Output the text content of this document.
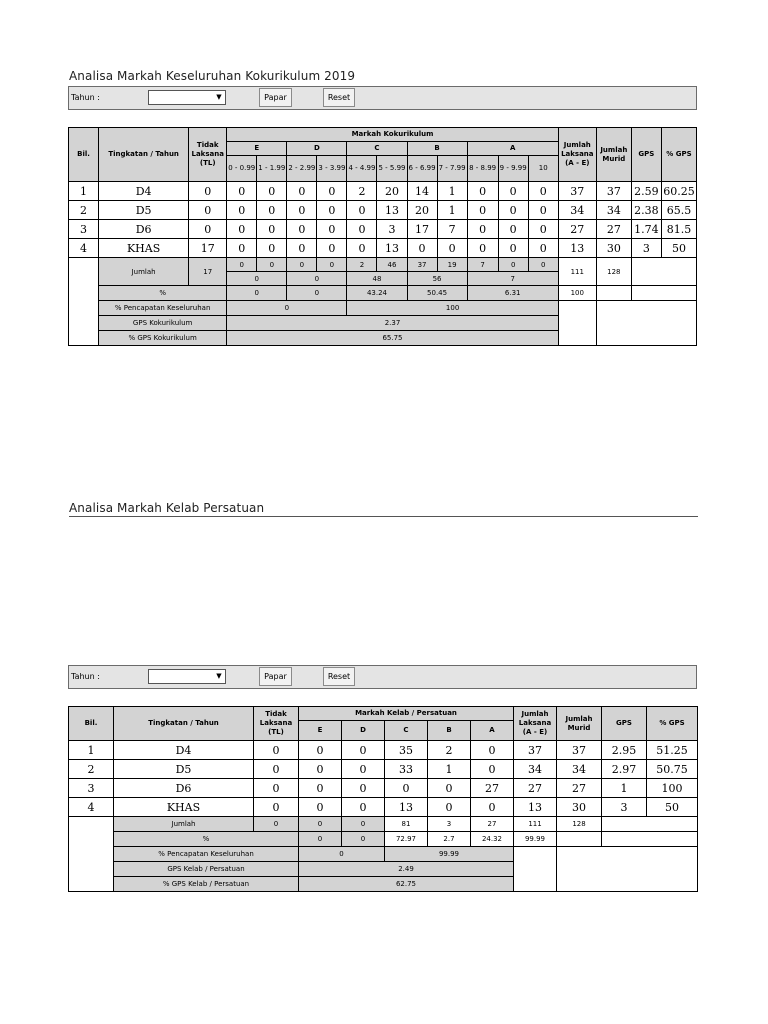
Analisa Markah Keseluruhan Kokurikulum 2019
Tahun :	▼	Papar	Reset
Bil.	Tingkatan / Tahun	Tidak Laksana (TL)	Markah Kokurikulum											Jumlah Laksana (A - E)	Jumlah Murid	GPS	% GPS
			E		D		C		B		A						
			0 - 0.99	1 - 1.99	2 - 2.99	3 - 3.99	4 - 4.99	5 - 5.99	6 - 6.99	7 - 7.99	8 - 8.99	9 - 9.99	10				
1	D4	0	0	0	0	0	2	20	14	1	0	0	0	37	37	2.59	60.25
2	D5	0	0	0	0	0	0	13	20	1	0	0	0	34	34	2.38	65.5
3	D6	0	0	0	0	0	0	3	17	7	0	0	0	27	27	1.74	81.5
4	KHAS	17	0	0	0	0	0	13	0	0	0	0	0	13	30	3	50
	Jumlah	17	0	0	0	0	2	46	37	19	7	0	0	111	128		
			0		0		48		56		7						
	%		0		0		43.24		50.45		6.31			100			
	% Pencapatan Keseluruhan		0				100										
	GPS Kokurikulum		2.37														
	% GPS Kokurikulum		65.75														
Analisa Markah Kelab Persatuan
Tahun :	▼	Papar	Reset
Bil.	Tingkatan / Tahun	Tidak Laksana (TL)	Markah Kelab / Persatuan					Jumlah Laksana (A - E)	Jumlah Murid	GPS	% GPS
			E	D	C	B	A				
1	D4	0	0	0	35	2	0	37	37	2.95	51.25
2	D5	0	0	0	33	1	0	34	34	2.97	50.75
3	D6	0	0	0	0	0	27	27	27	1	100
4	KHAS	0	0	0	13	0	0	13	30	3	50
	Jumlah	0	0	0	81	3	27	111	128		
	%		0	0	72.97	2.7	24.32	99.99			
	% Pencapatan Keseluruhan		0		99.99						
	GPS Kelab / Persatuan		2.49								
	% GPS Kelab / Persatuan		62.75								
